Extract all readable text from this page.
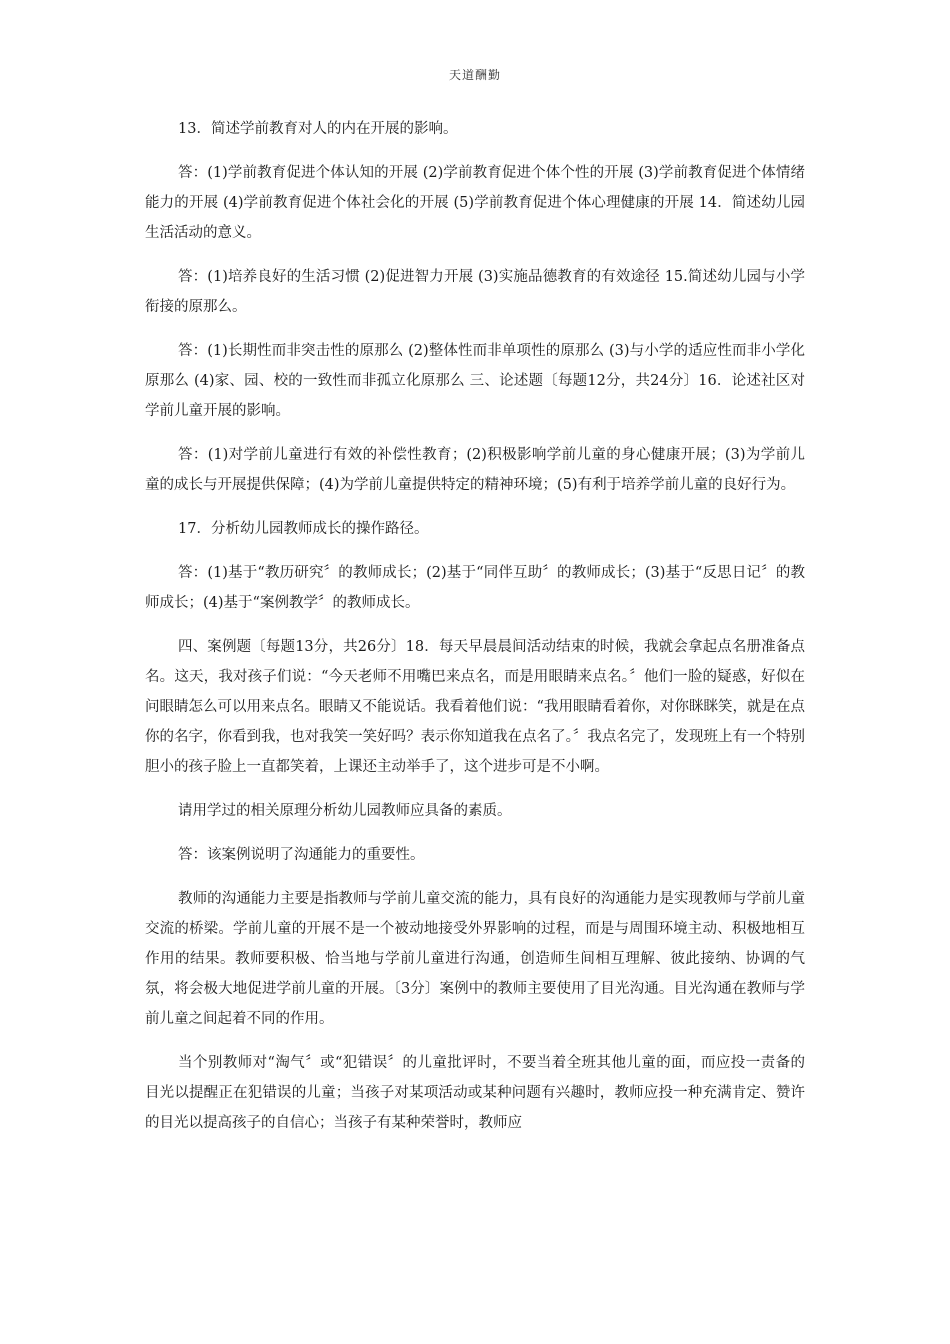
天道酬勤

13．简述学前教育对人的内在开展的影响。

答：(1)学前教育促进个体认知的开展 (2)学前教育促进个体个性的开展 (3)学前教育促进个体情绪能力的开展 (4)学前教育促进个体社会化的开展 (5)学前教育促进个体心理健康的开展 14．简述幼儿园生活活动的意义。

答：(1)培养良好的生活习惯 (2)促进智力开展 (3)实施品德教育的有效途径 15.简述幼儿园与小学衔接的原那么。

答：(1)长期性而非突击性的原那么 (2)整体性而非单项性的原那么 (3)与小学的适应性而非小学化原那么 (4)家、园、校的一致性而非孤立化原那么 三、论述题〔每题12分，共24分〕16．论述社区对学前儿童开展的影响。

答：(1)对学前儿童进行有效的补偿性教育；(2)积极影响学前儿童的身心健康开展；(3)为学前儿童的成长与开展提供保障；(4)为学前儿童提供特定的精神环境；(5)有利于培养学前儿童的良好行为。

17．分析幼儿园教师成长的操作路径。

答：(1)基于“教历研究〞的教师成长；(2)基于“同伴互助〞的教师成长；(3)基于“反思日记〞的教师成长；(4)基于“案例教学〞的教师成长。

四、案例题〔每题13分，共26分〕18．每天早晨晨间活动结束的时候，我就会拿起点名册准备点名。这天，我对孩子们说：“今天老师不用嘴巴来点名，而是用眼睛来点名。〞他们一脸的疑惑，好似在问眼睛怎么可以用来点名。眼睛又不能说话。我看着他们说：“我用眼睛看着你，对你眯眯笑，就是在点你的名字，你看到我，也对我笑一笑好吗？表示你知道我在点名了。〞我点名完了，发现班上有一个特别胆小的孩子脸上一直都笑着，上课还主动举手了，这个进步可是不小啊。

请用学过的相关原理分析幼儿园教师应具备的素质。

答：该案例说明了沟通能力的重要性。

教师的沟通能力主要是指教师与学前儿童交流的能力，具有良好的沟通能力是实现教师与学前儿童交流的桥梁。学前儿童的开展不是一个被动地接受外界影响的过程，而是与周围环境主动、积极地相互作用的结果。教师要积极、恰当地与学前儿童进行沟通，创造师生间相互理解、彼此接纳、协调的气氛，将会极大地促进学前儿童的开展。〔3分〕案例中的教师主要使用了目光沟通。目光沟通在教师与学前儿童之间起着不同的作用。

当个别教师对“淘气〞或“犯错误〞的儿童批评时，不要当着全班其他儿童的面，而应投一责备的 目光以提醒正在犯错误的儿童；当孩子对某项活动或某种问题有兴趣时，教师应投一种充满肯定、赞许的目光以提高孩子的自信心；当孩子有某种荣誉时，教师应
